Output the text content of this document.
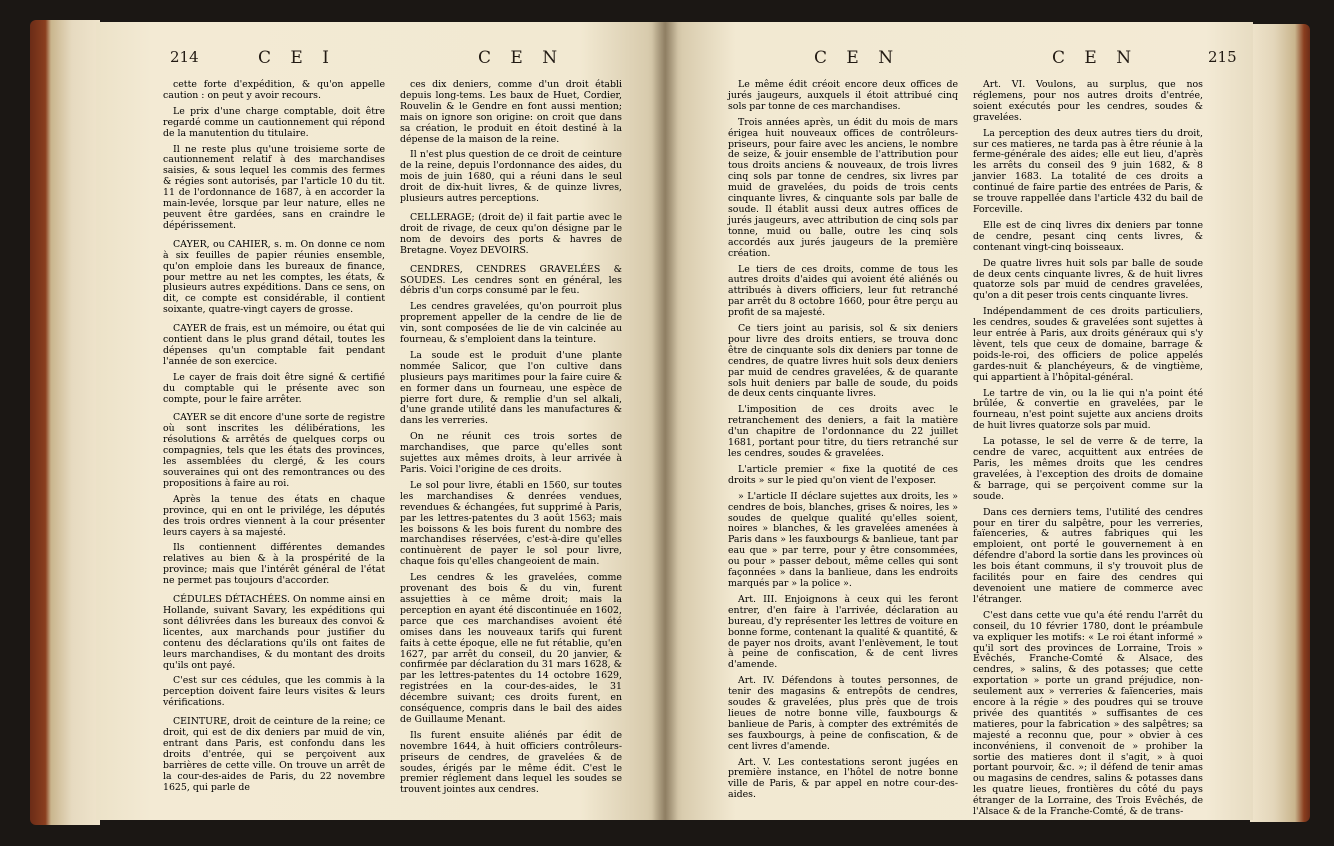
214	C E I	C E N	C E N	C E N	215

cette forte d'expédition, & qu'on appelle caution : on peut y avoir recours.

Le prix d'une charge comptable, doit être regardé comme un cautionnement qui répond de la manutention du titulaire.

Il ne reste plus qu'une troisieme sorte de cautionnement relatif à des marchandises saisies, & sous lequel les commis des fermes & régies sont autorisés, par l'article 10 du tit. 11 de l'ordonnance de 1687, à en accorder la main-levée, lorsque par leur nature, elles ne peuvent être gardées, sans en craindre le dépérissement.

CAYER, ou CAHIER, s. m. On donne ce nom à six feuilles de papier réunies ensemble, qu'on emploie dans les bureaux de finance, pour mettre au net les comptes, les états, & plusieurs autres expéditions. Dans ce sens, on dit, ce compte est considérable, il contient soixante, quatre-vingt cayers de grosse.

CAYER de frais, est un mémoire, ou état qui contient dans le plus grand détail, toutes les dépenses qu'un comptable fait pendant l'année de son exercice.

Le cayer de frais doit être signé & certifié du comptable qui le présente avec son compte, pour le faire arrêter.

CAYER se dit encore d'une sorte de registre où sont inscrites les délibérations, les résolutions & arrêtés de quelques corps ou compagnies, tels que les états des provinces, les assemblées du clergé, & les cours souveraines qui ont des remontrances ou des propositions à faire au roi.

Après la tenue des états en chaque province, qui en ont le privilége, les députés des trois ordres viennent à la cour présenter leurs cayers à sa majesté.

Ils contiennent différentes demandes relatives au bien & à la prospérité de la province; mais que l'intérêt général de l'état ne permet pas toujours d'accorder.

CÉDULES DÉTACHÉES. On nomme ainsi en Hollande, suivant Savary, les expéditions qui sont délivrées dans les bureaux des convoi & licentes, aux marchands pour justifier du contenu des déclarations qu'ils ont faites de leurs marchandises, & du montant des droits qu'ils ont payé.

C'est sur ces cédules, que les commis à la perception doivent faire leurs visites & leurs vérifications.

CEINTURE, droit de ceinture de la reine; ce droit, qui est de dix deniers par muid de vin, entrant dans Paris, est confondu dans les droits d'entrée, qui se perçoivent aux barrières de cette ville. On trouve un arrêt de la cour-des-aides de Paris, du 22 novembre 1625, qui parle de

ces dix deniers, comme d'un droit établi depuis long-tems. Les baux de Huet, Cordier, Rouvelin & le Gendre en font aussi mention; mais on ignore son origine: on croit que dans sa création, le produit en étoit destiné à la dépense de la maison de la reine.

Il n'est plus question de ce droit de ceinture de la reine, depuis l'ordonnance des aides, du mois de juin 1680, qui a réuni dans le seul droit de dix-huit livres, & de quinze livres, plusieurs autres perceptions.

CELLERAGE; (droit de) il fait partie avec le droit de rivage, de ceux qu'on désigne par le nom de devoirs des ports & havres de Bretagne. Voyez DEVOIRS.

CENDRES, CENDRES GRAVELÉES & SOUDES. Les cendres sont en général, les débris d'un corps consumé par le feu.

Les cendres gravelées, qu'on pourroit plus proprement appeller de la cendre de lie de vin, sont composées de lie de vin calcinée au fourneau, & s'emploient dans la teinture.

La soude est le produit d'une plante nommée Salicor, que l'on cultive dans plusieurs pays maritimes pour la faire cuire & en former dans un fourneau, une espèce de pierre fort dure, & remplie d'un sel alkali, d'une grande utilité dans les manufactures & dans les verreries.

On ne réunit ces trois sortes de marchandises, que parce qu'elles sont sujettes aux mêmes droits, à leur arrivée à Paris. Voici l'origine de ces droits.

Le sol pour livre, établi en 1560, sur toutes les marchandises & denrées vendues, revendues & échangées, fut supprimé à Paris, par les lettres-patentes du 3 août 1563; mais les boissons & les bois furent du nombre des marchandises réservées, c'est-à-dire qu'elles continuèrent de payer le sol pour livre, chaque fois qu'elles changeoient de main.

Les cendres & les gravelées, comme provenant des bois & du vin, furent assujetties à ce même droit; mais la perception en ayant été discontinuée en 1602, parce que ces marchandises avoient été omises dans les nouveaux tarifs qui furent faits à cette époque, elle ne fut rétablie, qu'en 1627, par arrêt du conseil, du 20 janvier, & confirmée par déclaration du 31 mars 1628, & par les lettres-patentes du 14 octobre 1629, registrées en la cour-des-aides, le 31 décembre suivant; ces droits furent, en conséquence, compris dans le bail des aides de Guillaume Menant.

Ils furent ensuite aliénés par édit de novembre 1644, à huit officiers contrôleurs-priseurs de cendres, de gravelées & de soudes, érigés par le même édit. C'est le premier réglement dans lequel les soudes se trouvent jointes aux cendres.

Le même édit créoit encore deux offices de jurés jaugeurs, auxquels il étoit attribué cinq sols par tonne de ces marchandises.

Trois années après, un édit du mois de mars érigea huit nouveaux offices de contrôleurs-priseurs, pour faire avec les anciens, le nombre de seize, & jouir ensemble de l'attribution pour tous droits anciens & nouveaux, de trois livres cinq sols par tonne de cendres, six livres par muid de gravelées, du poids de trois cents cinquante livres, & cinquante sols par balle de soude. Il établit aussi deux autres offices de jurés jaugeurs, avec attribution de cinq sols par tonne, muid ou balle, outre les cinq sols accordés aux jurés jaugeurs de la première création.

Le tiers de ces droits, comme de tous les autres droits d'aides qui avoient été aliénés ou attribués à divers officiers, leur fut retranché par arrêt du 8 octobre 1660, pour être perçu au profit de sa majesté.

Ce tiers joint au parisis, sol & six deniers pour livre des droits entiers, se trouva donc être de cinquante sols dix deniers par tonne de cendres, de quatre livres huit sols deux deniers par muid de cendres gravelées, & de quarante sols huit deniers par balle de soude, du poids de deux cents cinquante livres.

L'imposition de ces droits avec le retranchement des deniers, a fait la matière d'un chapitre de l'ordonnance du 22 juillet 1681, portant pour titre, du tiers retranché sur les cendres, soudes & gravelées.

L'article premier « fixe la quotité de ces droits » sur le pied qu'on vient de l'exposer.

» L'article II déclare sujettes aux droits, les » cendres de bois, blanches, grises & noires, les » soudes de quelque qualité qu'elles soient, noires » blanches, & les gravelées amenées à Paris dans » les fauxbourgs & banlieue, tant par eau que » par terre, pour y être consommées, ou pour » passer debout, même celles qui sont façonnées » dans la banlieue, dans les endroits marqués par » la police ».

Art. III. Enjoignons à ceux qui les feront entrer, d'en faire à l'arrivée, déclaration au bureau, d'y représenter les lettres de voiture en bonne forme, contenant la qualité & quantité, & de payer nos droits, avant l'enlèvement, le tout à peine de confiscation, & de cent livres d'amende.

Art. IV. Défendons à toutes personnes, de tenir des magasins & entrepôts de cendres, soudes & gravelées, plus près que de trois lieues de notre bonne ville, fauxbourgs & banlieue de Paris, à compter des extrémités de ses fauxbourgs, à peine de confiscation, & de cent livres d'amende.

Art. V. Les contestations seront jugées en première instance, en l'hôtel de notre bonne ville de Paris, & par appel en notre cour-des-aides.

Art. VI. Voulons, au surplus, que nos réglemens, pour nos autres droits d'entrée, soient exécutés pour les cendres, soudes & gravelées.

La perception des deux autres tiers du droit, sur ces matieres, ne tarda pas à être réunie à la ferme-générale des aides; elle eut lieu, d'après les arrêts du conseil des 9 juin 1682, & 8 janvier 1683. La totalité de ces droits a continué de faire partie des entrées de Paris, & se trouve rappellée dans l'article 432 du bail de Forceville.

Elle est de cinq livres dix deniers par tonne de cendre, pesant cinq cents livres, & contenant vingt-cinq boisseaux.

De quatre livres huit sols par balle de soude de deux cents cinquante livres, & de huit livres quatorze sols par muid de cendres gravelées, qu'on a dit peser trois cents cinquante livres.

Indépendamment de ces droits particuliers, les cendres, soudes & gravelées sont sujettes à leur entrée à Paris, aux droits généraux qui s'y lèvent, tels que ceux de domaine, barrage & poids-le-roi, des officiers de police appelés gardes-nuit & planchéyeurs, & de vingtième, qui appartient à l'hôpital-général.

Le tartre de vin, ou la lie qui n'a point été brûlée, & convertie en gravelées, par le fourneau, n'est point sujette aux anciens droits de huit livres quatorze sols par muid.

La potasse, le sel de verre & de terre, la cendre de varec, acquittent aux entrées de Paris, les mêmes droits que les cendres gravelées, à l'exception des droits de domaine & barrage, qui se perçoivent comme sur la soude.

Dans ces derniers tems, l'utilité des cendres pour en tirer du salpêtre, pour les verreries, faïenceries, & autres fabriques qui les emploient, ont porté le gouvernement à en défendre d'abord la sortie dans les provinces où les bois étant communs, il s'y trouvoit plus de facilités pour en faire des cendres qui devenoient une matiere de commerce avec l'étranger.

C'est dans cette vue qu'a été rendu l'arrêt du conseil, du 10 février 1780, dont le préambule va expliquer les motifs: « Le roi étant informé » qu'il sort des provinces de Lorraine, Trois » Evêchés, Franche-Comté & Alsace, des cendres, » salins, & des potasses; que cette exportation » porte un grand préjudice, non-seulement aux » verreries & faïenceries, mais encore à la régie » des poudres qui se trouve privée des quantités » suffisantes de ces matieres, pour la fabrication » des salpêtres; sa majesté a reconnu que, pour » obvier à ces inconvéniens, il convenoit de » prohiber la sortie des matieres dont il s'agit, » à quoi portant pourvoir, &c. »; il défend de tenir amas ou magasins de cendres, salins & potasses dans les quatre lieues, frontières du côté du pays étranger de la Lorraine, des Trois Evêchés, de l'Alsace & de la Franche-Comté, & de trans-
